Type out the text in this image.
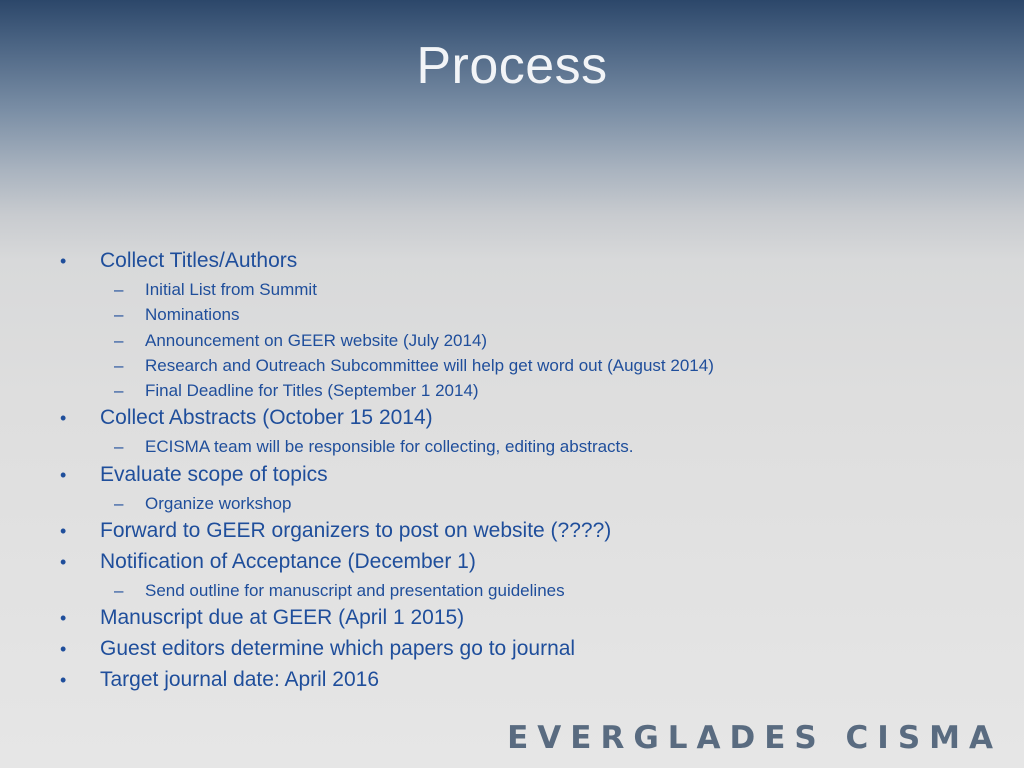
Process
• Collect Titles/Authors
– Initial List from Summit
– Nominations
– Announcement on GEER website (July 2014)
– Research and Outreach Subcommittee will help get word out (August 2014)
– Final Deadline for Titles (September 1 2014)
• Collect Abstracts (October 15 2014)
– ECISMA team will be responsible for collecting, editing abstracts.
• Evaluate scope of topics
– Organize workshop
• Forward to GEER organizers to post on website (????)
• Notification of Acceptance (December 1)
– Send outline for manuscript and presentation guidelines
• Manuscript due at GEER (April 1 2015)
• Guest editors determine which papers go to journal
• Target journal date: April 2016
EVERGLADES CISMA
